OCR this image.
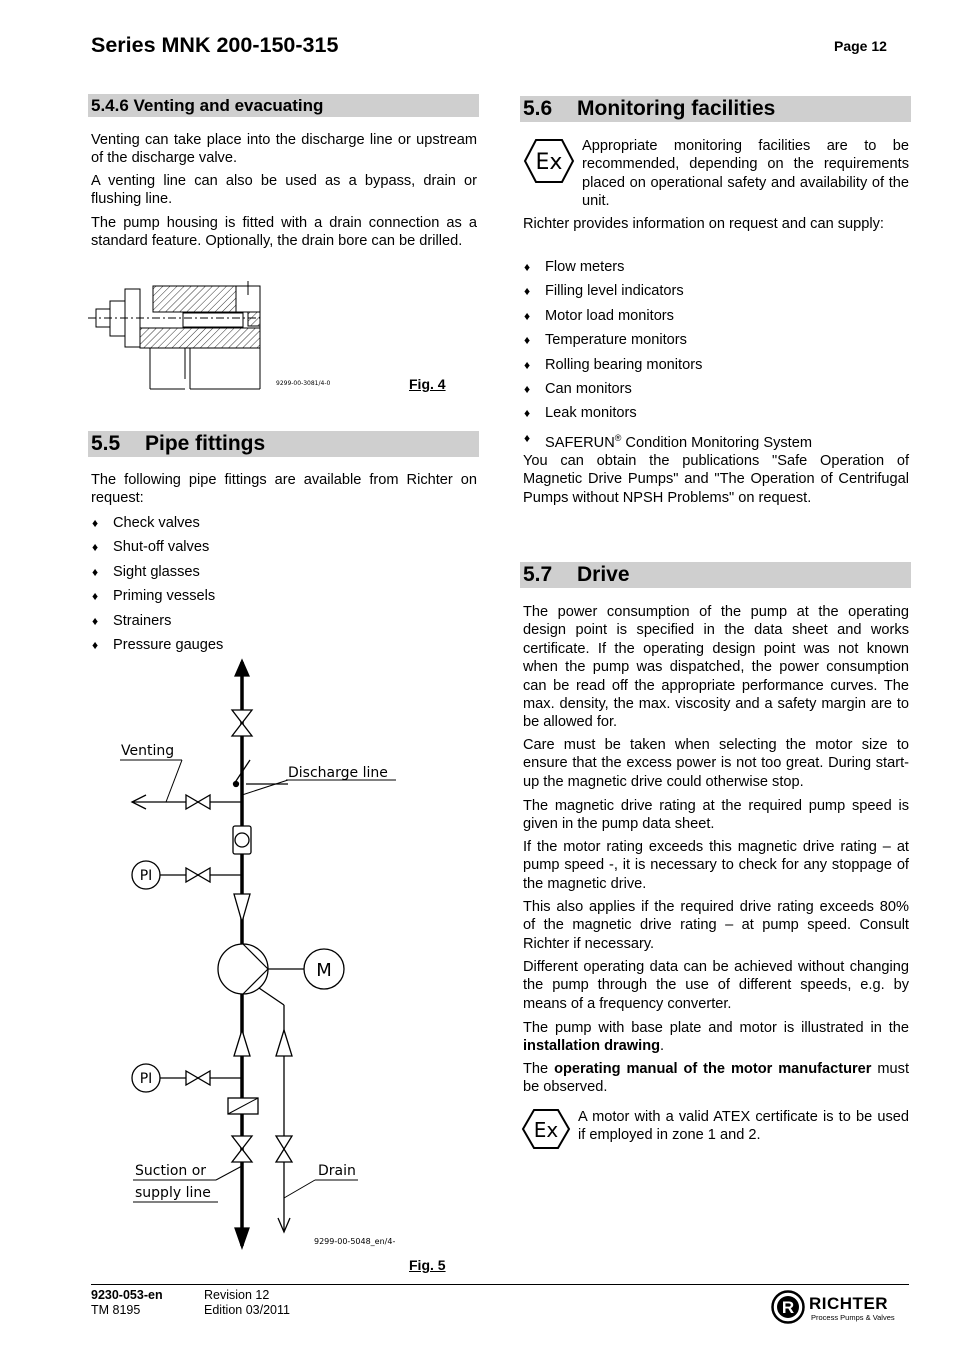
Series MNK 200-150-315	Page 12
5.4.6 Venting and evacuating

Venting can take place into the discharge line or upstream of the discharge valve.

A venting line can also be used as a bypass, drain or flushing line.

The pump housing is fitted with a drain connection as a standard feature. Optionally, the drain bore can be drilled.

9299-00-3081/4-0	Fig. 4
5.5 Pipe fittings

The following pipe fittings are available from Richter on request:

♦ Check valves
♦ Shut-off valves
♦ Sight glasses
♦ Priming vessels
♦ Strainers
♦ Pressure gauges
Venting
Discharge line
PI
M
PI
Suction or
supply line
Drain
9299-00-5048_en/4-
Fig. 5
5.6 Monitoring facilities
Ex

Appropriate monitoring facilities are to be recommended, depending on the requirements placed on operational safety and availability of the unit.

Richter provides information on request and can supply:

♦ Flow meters
♦ Filling level indicators
♦ Motor load monitors
♦ Temperature monitors
♦ Rolling bearing monitors
♦ Can monitors
♦ Leak monitors
♦ SAFERUN® Condition Monitoring System

You can obtain the publications "Safe Operation of Magnetic Drive Pumps" and "The Operation of Centrifugal Pumps without NPSH Problems" on request.

5.7 Drive

The power consumption of the pump at the operating design point is specified in the data sheet and works certificate. If the operating design point was not known when the pump was dispatched, the power consumption can be read off the appropriate performance curves. The max. density, the max. viscosity and a safety margin are to be allowed for.

Care must be taken when selecting the motor size to ensure that the excess power is not too great. During start-up the magnetic drive could otherwise stop.

The magnetic drive rating at the required pump speed is given in the pump data sheet.

If the motor rating exceeds this magnetic drive rating – at pump speed -, it is necessary to check for any stoppage of the magnetic drive.

This also applies if the required drive rating exceeds 80% of the magnetic drive rating – at pump speed. Consult Richter if necessary.

Different operating data can be achieved without changing the pump through the use of different speeds, e.g. by means of a frequency converter.

The pump with base plate and motor is illustrated in the installation drawing.

The operating manual of the motor manufacturer must be observed.

Ex

A motor with a valid ATEX certificate is to be used if employed in zone 1 and 2.

9230-053-en
TM 8195
Revision 12
Edition 03/2011	R RICHTER
Process Pumps & Valves
